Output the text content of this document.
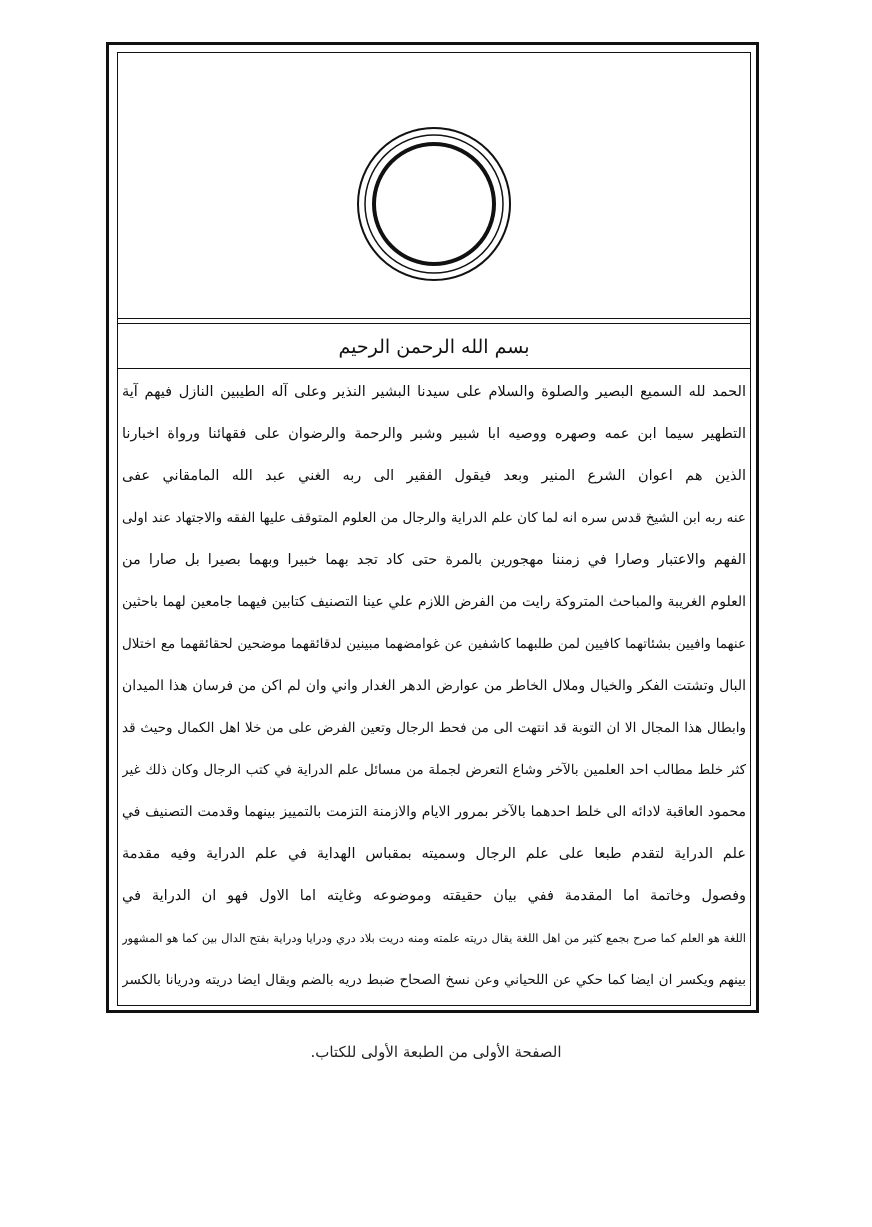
بسم الله الرحمن الرحيم
الحمد لله السميع البصير والصلوة والسلام على سيدنا البشير النذير وعلى آله الطيبين النازل فيهم آية
التطهير سيما ابن عمه وصهره ووصيه ابا شبير وشبر والرحمة والرضوان على فقهائنا ورواة اخبارنا
الذين هم اعوان الشرع المنير وبعد فيقول الفقير الى ربه الغني عبد الله المامقاني عفى
عنه ربه ابن الشيخ قدس سره انه لما كان علم الدراية والرجال من العلوم المتوقف عليها الفقه والاجتهاد عند اولى
الفهم والاعتبار وصارا في زمننا مهجورين بالمرة حتى كاد تجد بهما خبيرا وبهما بصيرا بل صارا من
العلوم الغريبة والمباحث المتروكة رايت من الفرض اللازم علي عينا التصنيف كتابين فيهما جامعين لهما باحثين
عنهما وافيين بشئاتهما كافيين لمن طلبهما كاشفين عن غوامضهما مبينين لدقائقهما موضحين لحقائقهما مع اختلال
البال وتشتت الفكر والخيال وملال الخاطر من عوارض الدهر الغدار واني وان لم اكن من فرسان هذا الميدان
وابطال هذا المجال الا ان التوبة قد انتهت الى من فحط الرجال وتعين الفرض على من خلا اهل الكمال وحيث قد
كثر خلط مطالب احد العلمين بالآخر وشاع التعرض لجملة من مسائل علم الدراية في كتب الرجال وكان ذلك غير
محمود العاقبة لادائه الى خلط احدهما بالآخر بمرور الايام والازمنة التزمت بالتمييز بينهما وقدمت التصنيف في
علم الدراية لتقدم طبعا على علم الرجال وسميته بمقباس الهداية في علم الدراية وفيه مقدمة
وفصول وخاتمة اما المقدمة ففي بيان حقيقته وموضوعه وغايته اما الاول فهو ان الدراية في
اللغة هو العلم كما صرح بجمع كثير من اهل اللغة يقال دريته علمته ومنه دريت بلاد دري ودرايا ودراية بفتح الدال بين كما هو المشهور
بينهم ويكسر ان ايضا كما حكي عن اللحياني وعن نسخ الصحاح ضبط دريه بالضم ويقال ايضا دريته ودريانا بالكسر
الصفحة الأولى من الطبعة الأولى للكتاب.
